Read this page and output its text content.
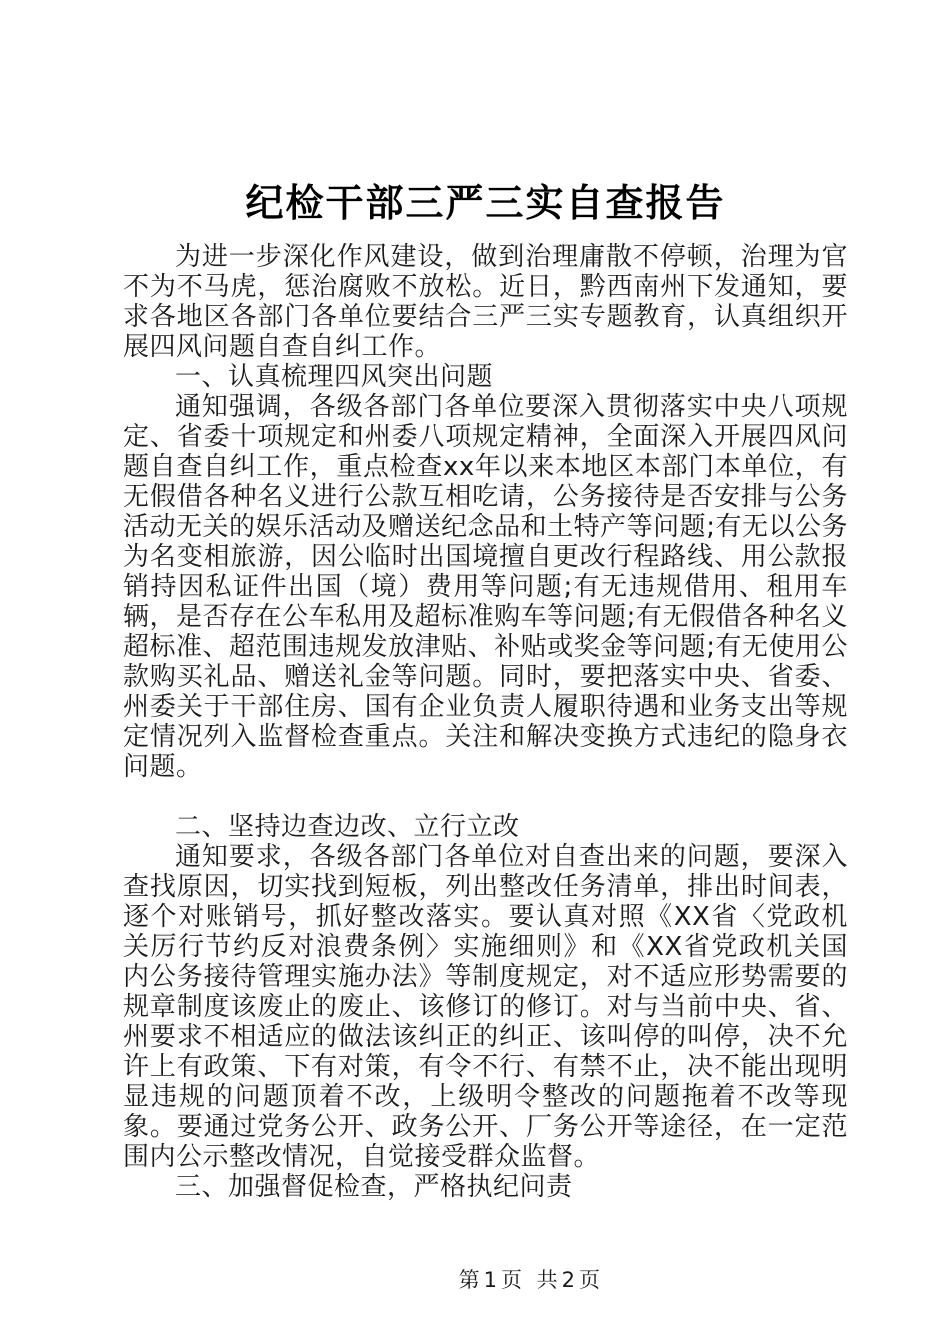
纪检干部三严三实自查报告

为进一步深化作风建设，做到治理庸散不停顿，治理为官不为不马虎，惩治腐败不放松。近日，黔西南州下发通知，要求各地区各部门各单位要结合三严三实专题教育，认真组织开展四风问题自查自纠工作。

一、认真梳理四风突出问题

通知强调，各级各部门各单位要深入贯彻落实中央八项规定、省委十项规定和州委八项规定精神，全面深入开展四风问题自查自纠工作，重点检查xx年以来本地区本部门本单位，有无假借各种名义进行公款互相吃请，公务接待是否安排与公务活动无关的娱乐活动及赠送纪念品和土特产等问题;有无以公务为名变相旅游，因公临时出国境擅自更改行程路线、用公款报销持因私证件出国（境）费用等问题;有无违规借用、租用车辆，是否存在公车私用及超标准购车等问题;有无假借各种名义超标准、超范围违规发放津贴、补贴或奖金等问题;有无使用公款购买礼品、赠送礼金等问题。同时，要把落实中央、省委、州委关于干部住房、国有企业负责人履职待遇和业务支出等规定情况列入监督检查重点。关注和解决变换方式违纪的隐身衣问题。

二、坚持边查边改、立行立改

通知要求，各级各部门各单位对自查出来的问题，要深入查找原因，切实找到短板，列出整改任务清单，排出时间表，逐个对账销号，抓好整改落实。要认真对照《XX省〈党政机关厉行节约反对浪费条例〉实施细则》和《XX省党政机关国内公务接待管理实施办法》等制度规定，对不适应形势需要的规章制度该废止的废止、该修订的修订。对与当前中央、省、州要求不相适应的做法该纠正的纠正、该叫停的叫停，决不允许上有政策、下有对策，有令不行、有禁不止，决不能出现明显违规的问题顶着不改，上级明令整改的问题拖着不改等现象。要通过党务公开、政务公开、厂务公开等途径，在一定范围内公示整改情况，自觉接受群众监督。

三、加强督促检查，严格执纪问责

第1页 共2页
